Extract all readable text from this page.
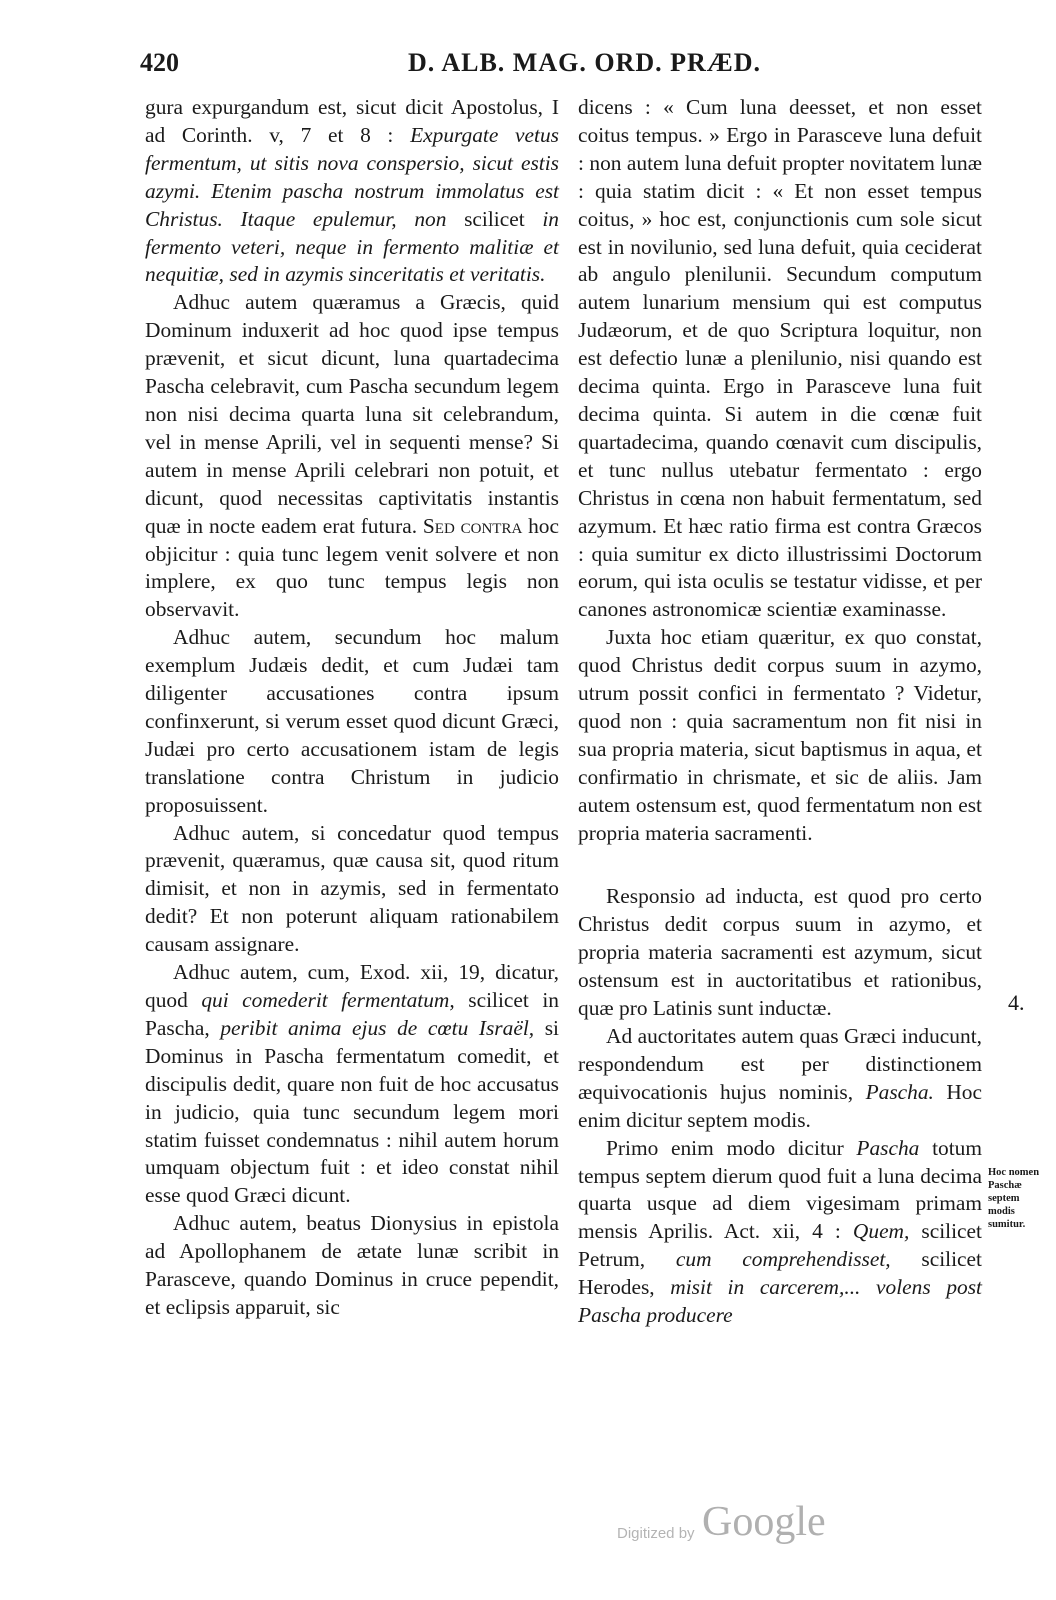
420	D. ALB. MAG. ORD. PRÆD.

gura expurgandum est, sicut dicit Apostolus, I ad Corinth. v, 7 et 8 : Expurgate vetus fermentum, ut sitis nova conspersio, sicut estis azymi. Etenim pascha nostrum immolatus est Christus. Itaque epulemur, non scilicet in fermento veteri, neque in fermento malitiæ et nequitiæ, sed in azymis sinceritatis et veritatis.

Adhuc autem quæramus a Græcis, quid Dominum induxerit ad hoc quod ipse tempus prævenit, et sicut dicunt, luna quartadecima Pascha celebravit, cum Pascha secundum legem non nisi decima quarta luna sit celebrandum, vel in mense Aprili, vel in sequenti mense? Si autem in mense Aprili celebrari non potuit, et dicunt, quod necessitas captivitatis instantis quæ in nocte eadem erat futura. Sed contra hoc objicitur : quia tunc legem venit solvere et non implere, ex quo tunc tempus legis non observavit.

Adhuc autem, secundum hoc malum exemplum Judæis dedit, et cum Judæi tam diligenter accusationes contra ipsum confinxerunt, si verum esset quod dicunt Græci, Judæi pro certo accusationem istam de legis translatione contra Christum in judicio proposuissent.

Adhuc autem, si concedatur quod tempus prævenit, quæramus, quæ causa sit, quod ritum dimisit, et non in azymis, sed in fermentato dedit? Et non poterunt aliquam rationabilem causam assignare.

Adhuc autem, cum, Exod. xii, 19, dicatur, quod qui comederit fermentatum, scilicet in Pascha, peribit anima ejus de cœtu Israël, si Dominus in Pascha fermentatum comedit, et discipulis dedit, quare non fuit de hoc accusatus in judicio, quia tunc secundum legem mori statim fuisset condemnatus : nihil autem horum umquam objectum fuit : et ideo constat nihil esse quod Græci dicunt.

Adhuc autem, beatus Dionysius in epistola ad Apollophanem de ætate lunæ scribit in Parasceve, quando Dominus in cruce pependit, et eclipsis apparuit, sic

dicens : « Cum luna deesset, et non esset coitus tempus. » Ergo in Parasceve luna defuit : non autem luna defuit propter novitatem lunæ : quia statim dicit : « Et non esset tempus coitus, » hoc est, conjunctionis cum sole sicut est in novilunio, sed luna defuit, quia ceciderat ab angulo plenilunii. Secundum computum autem lunarium mensium qui est computus Judæorum, et de quo Scriptura loquitur, non est defectio lunæ a plenilunio, nisi quando est decima quinta. Ergo in Parasceve luna fuit decima quinta. Si autem in die cœnæ fuit quartadecima, quando cœnavit cum discipulis, et tunc nullus utebatur fermentato : ergo Christus in cœna non habuit fermentatum, sed azymum. Et hæc ratio firma est contra Græcos : quia sumitur ex dicto illustrissimi Doctorum eorum, qui ista oculis se testatur vidisse, et per canones astronomicæ scientiæ examinasse.

Juxta hoc etiam quæritur, ex quo constat, quod Christus dedit corpus suum in azymo, utrum possit confici in fermentato ? Videtur, quod non : quia sacramentum non fit nisi in sua propria materia, sicut baptismus in aqua, et confirmatio in chrismate, et sic de aliis. Jam autem ostensum est, quod fermentatum non est propria materia sacramenti.

Responsio ad inducta, est quod pro certo Christus dedit corpus suum in azymo, et propria materia sacramenti est azymum, sicut ostensum est in auctoritatibus et rationibus, quæ pro Latinis sunt inductæ.

Ad auctoritates autem quas Græci inducunt, respondendum est per distinctionem æquivocationis hujus nominis, Pascha. Hoc enim dicitur septem modis.

Primo enim modo dicitur Pascha totum tempus septem dierum quod fuit a luna decima quarta usque ad diem vigesimam primam mensis Aprilis. Act. xii, 4 : Quem, scilicet Petrum, cum comprehendisset, scilicet Herodes, misit in carcerem,... volens post Pascha producere

4.
Hoc nomen Paschæ septem modis sumitur.
Digitized by Google
